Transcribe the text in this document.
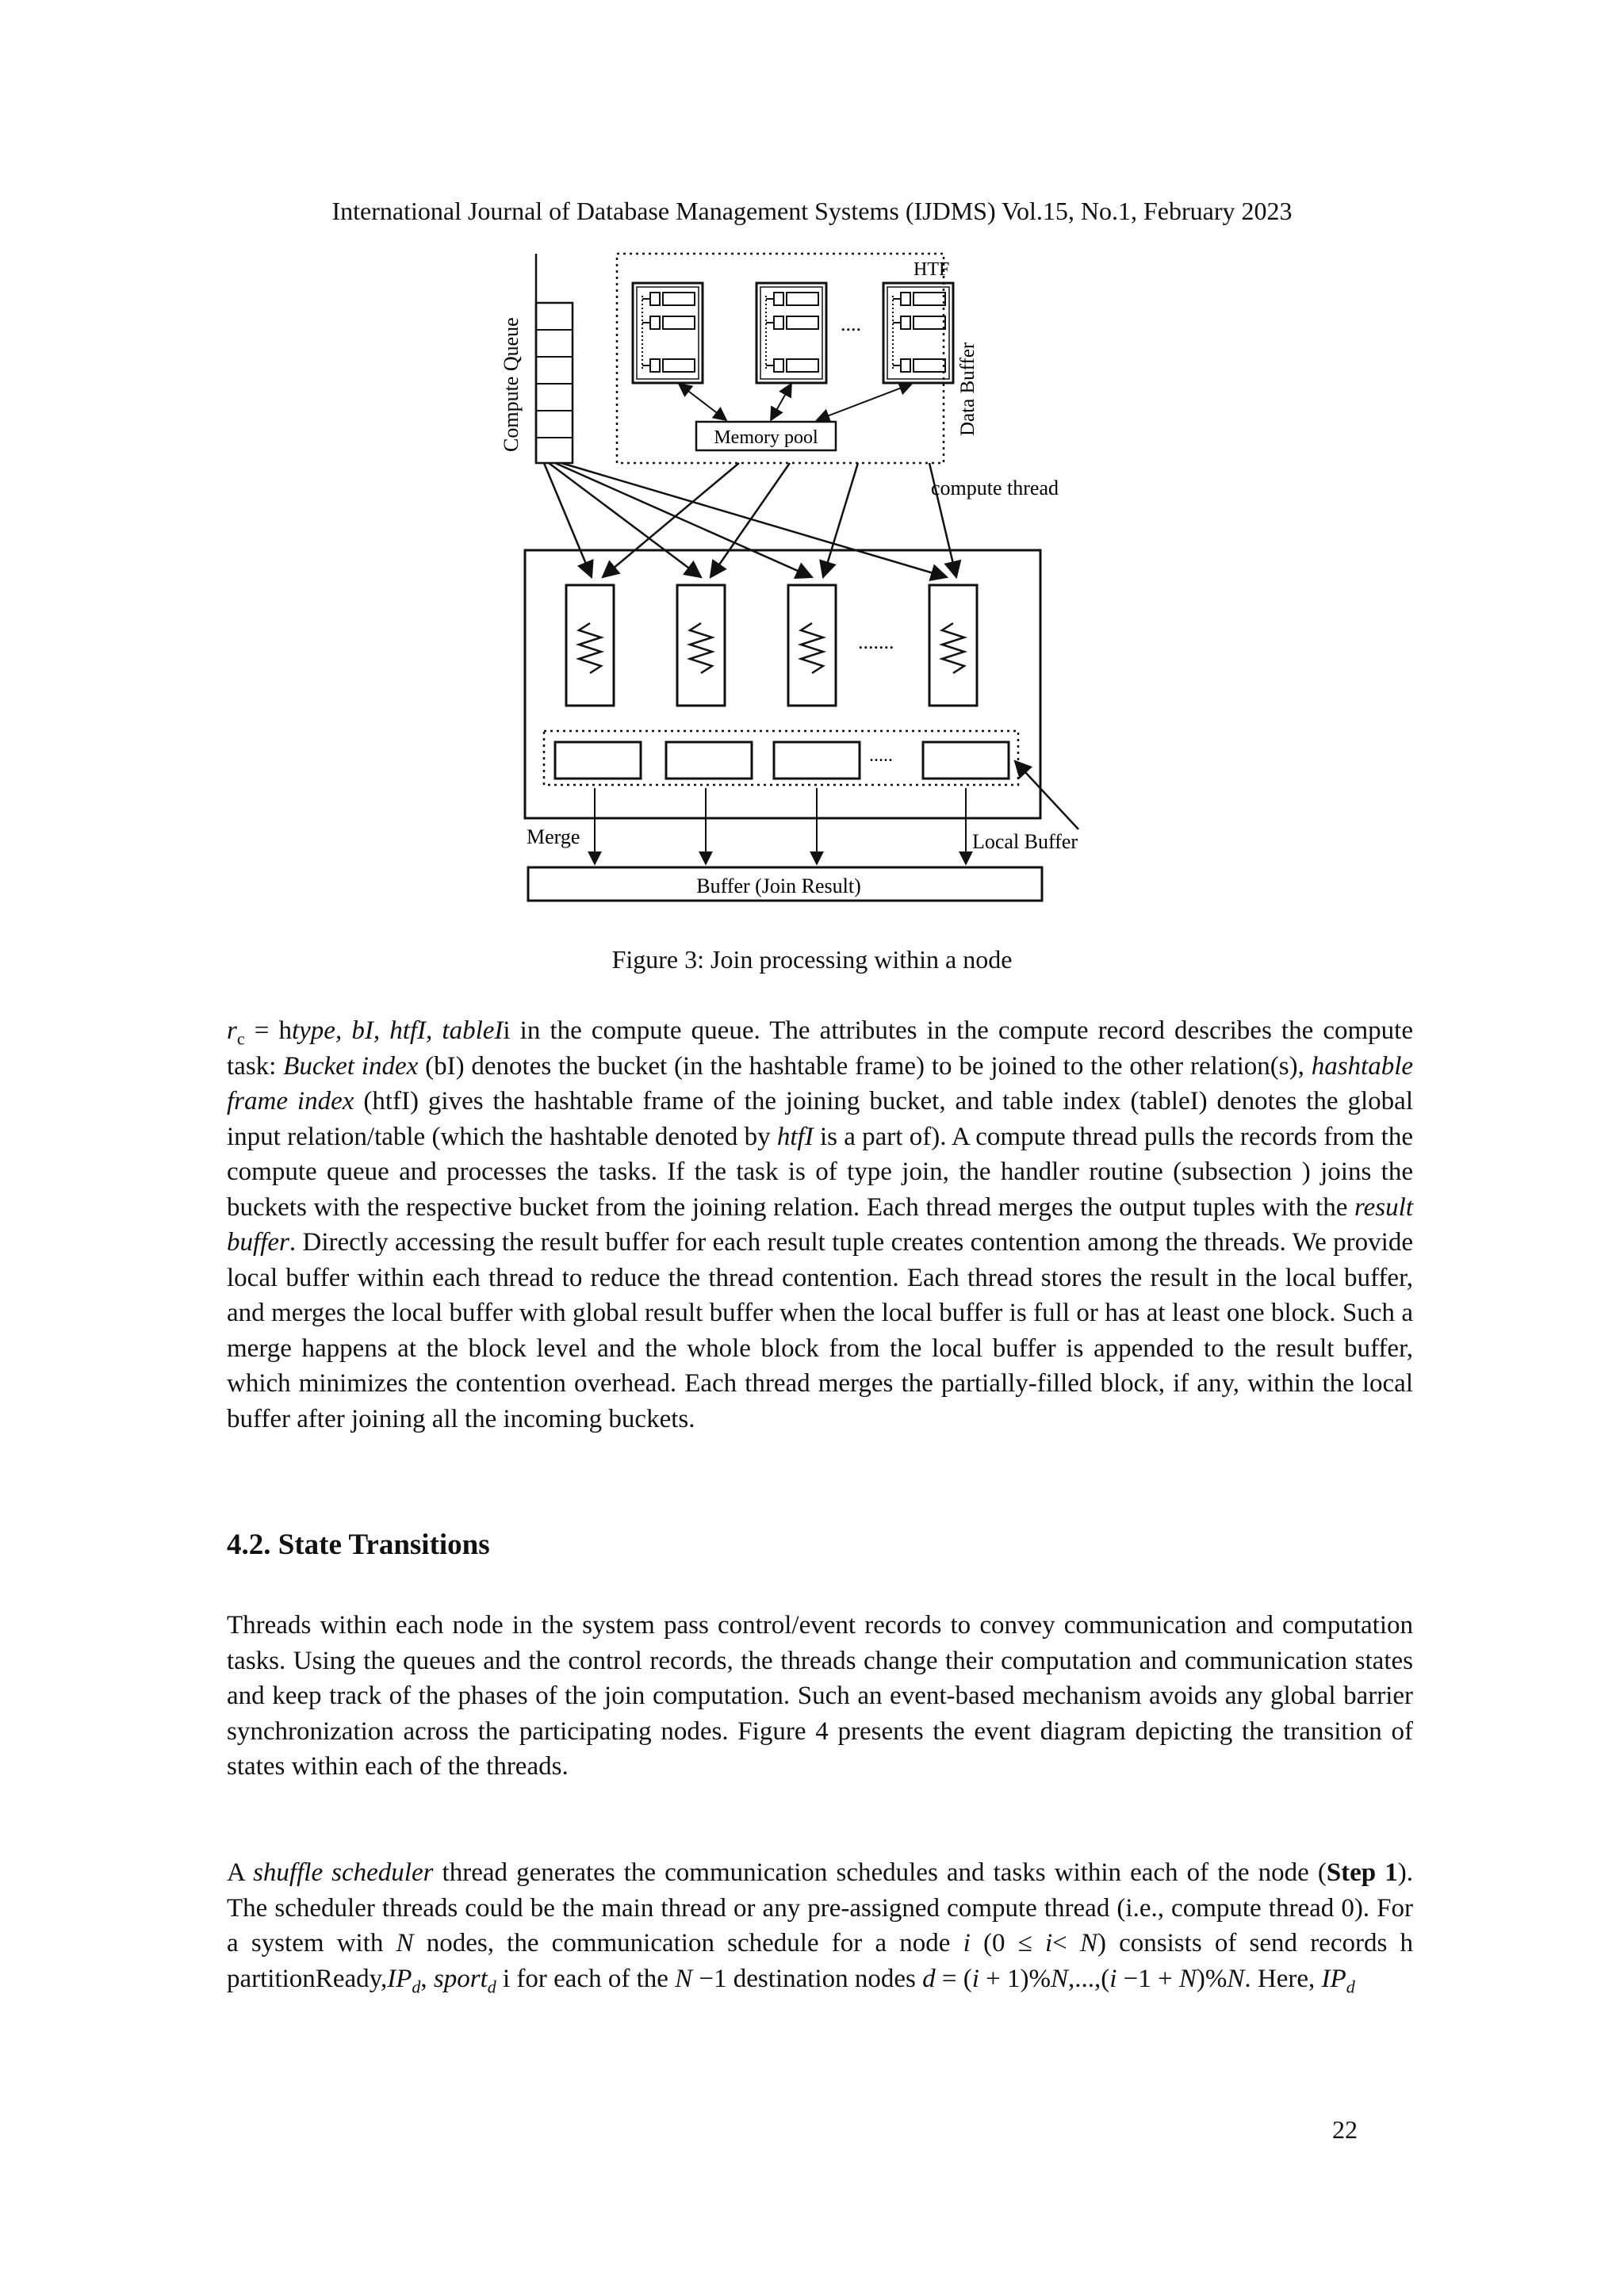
International Journal of Database Management Systems (IJDMS) Vol.15, No.1, February 2023
Compute Queue
HTF
Data Buffer
....
Memory pool
compute thread
.......
.....
Merge	Local Buffer
Buffer (Join Result)
Figure 3: Join processing within a node

$r_c$ = htype, bI, htfI, tableIi in the compute queue. The attributes in the compute record describes the compute task: Bucket index (bI) denotes the bucket (in the hashtable frame) to be joined to the other relation(s), hashtable frame index (htfI) gives the hashtable frame of the joining bucket, and table index (tableI) denotes the global input relation/table (which the hashtable denoted by htfI is a part of). A compute thread pulls the records from the compute queue and processes the tasks. If the task is of type join, the handler routine (subsection ) joins the buckets with the respective bucket from the joining relation. Each thread merges the output tuples with the result buffer. Directly accessing the result buffer for each result tuple creates contention among the threads. We provide local buffer within each thread to reduce the thread contention. Each thread stores the result in the local buffer, and merges the local buffer with global result buffer when the local buffer is full or has at least one block. Such a merge happens at the block level and the whole block from the local buffer is appended to the result buffer, which minimizes the contention overhead. Each thread merges the partially-filled block, if any, within the local buffer after joining all the incoming buckets.

4.2. State Transitions

Threads within each node in the system pass control/event records to convey communication and computation tasks. Using the queues and the control records, the threads change their computation and communication states and keep track of the phases of the join computation. Such an event-based mechanism avoids any global barrier synchronization across the participating nodes. Figure 4 presents the event diagram depicting the transition of states within each of the threads.

A shuffle scheduler thread generates the communication schedules and tasks within each of the node (Step 1). The scheduler threads could be the main thread or any pre-assigned compute thread (i.e., compute thread 0). For a system with N nodes, the communication schedule for a node i (0 ≤ i< N) consists of send records h $partitionReady,IP_d$, sport$_d$ i for each of the N −1 destination nodes d = (i + 1)%N,...,(i −1 + N)%N. Here, $IP_d$

22
